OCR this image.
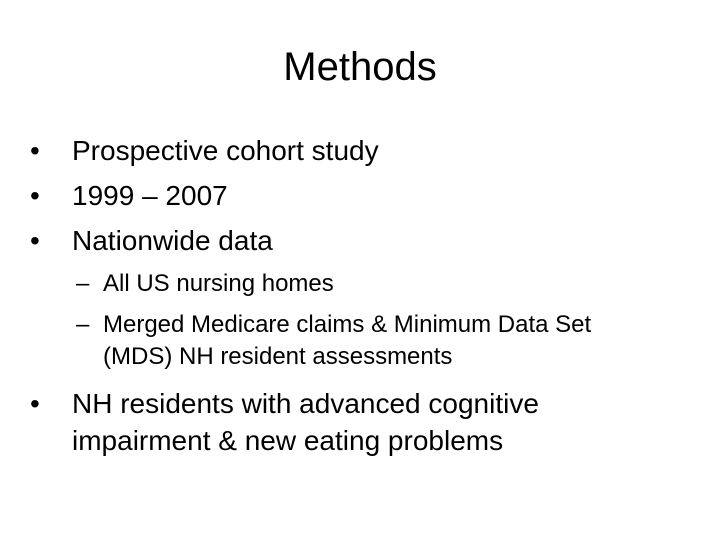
Methods
• Prospective cohort study
• 1999 – 2007
• Nationwide data
– All US nursing homes
– Merged Medicare claims & Minimum Data Set
(MDS) NH resident assessments
• NH residents with advanced cognitive
impairment & new eating problems
